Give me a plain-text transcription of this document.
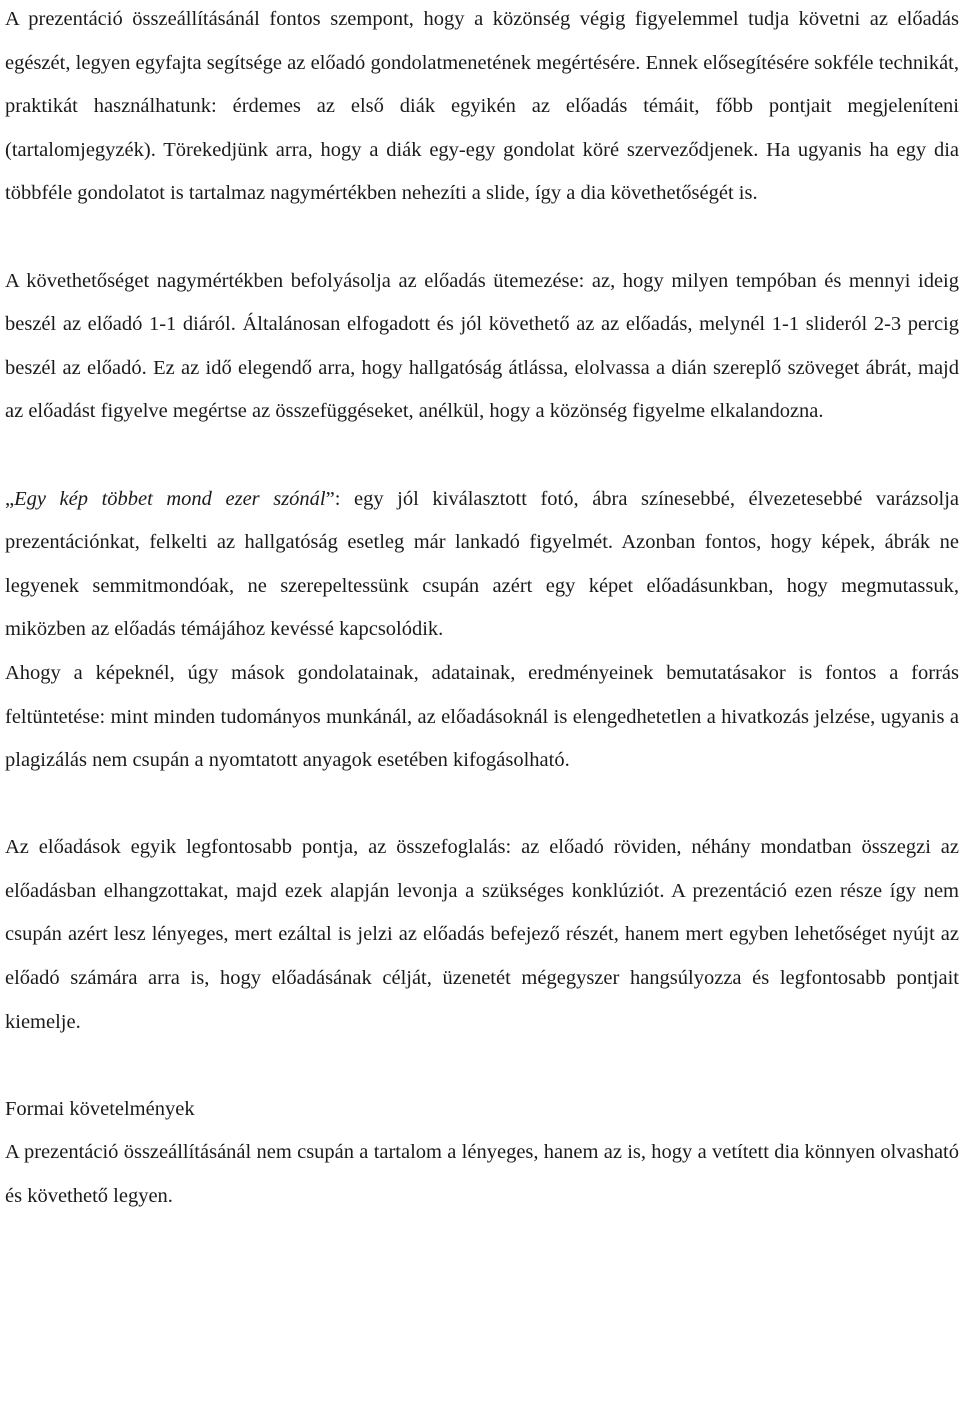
A prezentáció összeállításánál fontos szempont, hogy a közönség végig figyelemmel tudja követni az előadás egészét, legyen egyfajta segítsége az előadó gondolatmenetének megértésére. Ennek elősegítésére sokféle technikát, praktikát használhatunk: érdemes az első diák egyikén az előadás témáit, főbb pontjait megjeleníteni (tartalomjegyzék). Törekedjünk arra, hogy a diák egy-egy gondolat köré szerveződjenek. Ha ugyanis ha egy dia többféle gondolatot is tartalmaz nagymértékben nehezíti a slide, így a dia követhetőségét is.

A követhetőséget nagymértékben befolyásolja az előadás ütemezése: az, hogy milyen tempóban és mennyi ideig beszél az előadó 1-1 diáról. Általánosan elfogadott és jól követhető az az előadás, melynél 1-1 slideról 2-3 percig beszél az előadó. Ez az idő elegendő arra, hogy hallgatóság átlássa, elolvassa a dián szereplő szöveget ábrát, majd az előadást figyelve megértse az összefüggéseket, anélkül, hogy a közönség figyelme elkalandozna.

„Egy kép többet mond ezer szónál”: egy jól kiválasztott fotó, ábra színesebbé, élvezetesebbé varázsolja prezentációnkat, felkelti az hallgatóság esetleg már lankadó figyelmét. Azonban fontos, hogy képek, ábrák ne legyenek semmitmondóak, ne szerepeltessünk csupán azért egy képet előadásunkban, hogy megmutassuk, miközben az előadás témájához kevéssé kapcsolódik.

Ahogy a képeknél, úgy mások gondolatainak, adatainak, eredményeinek bemutatásakor is fontos a forrás feltüntetése: mint minden tudományos munkánál, az előadásoknál is elengedhetetlen a hivatkozás jelzése, ugyanis a plagizálás nem csupán a nyomtatott anyagok esetében kifogásolható.

Az előadások egyik legfontosabb pontja, az összefoglalás: az előadó röviden, néhány mondatban összegzi az előadásban elhangzottakat, majd ezek alapján levonja a szükséges konklúziót. A prezentáció ezen része így nem csupán azért lesz lényeges, mert ezáltal is jelzi az előadás befejező részét, hanem mert egyben lehetőséget nyújt az előadó számára arra is, hogy előadásának célját, üzenetét mégegyszer hangsúlyozza és legfontosabb pontjait kiemelje.

Formai követelmények

A prezentáció összeállításánál nem csupán a tartalom a lényeges, hanem az is, hogy a vetített dia könnyen olvasható és követhető legyen.
